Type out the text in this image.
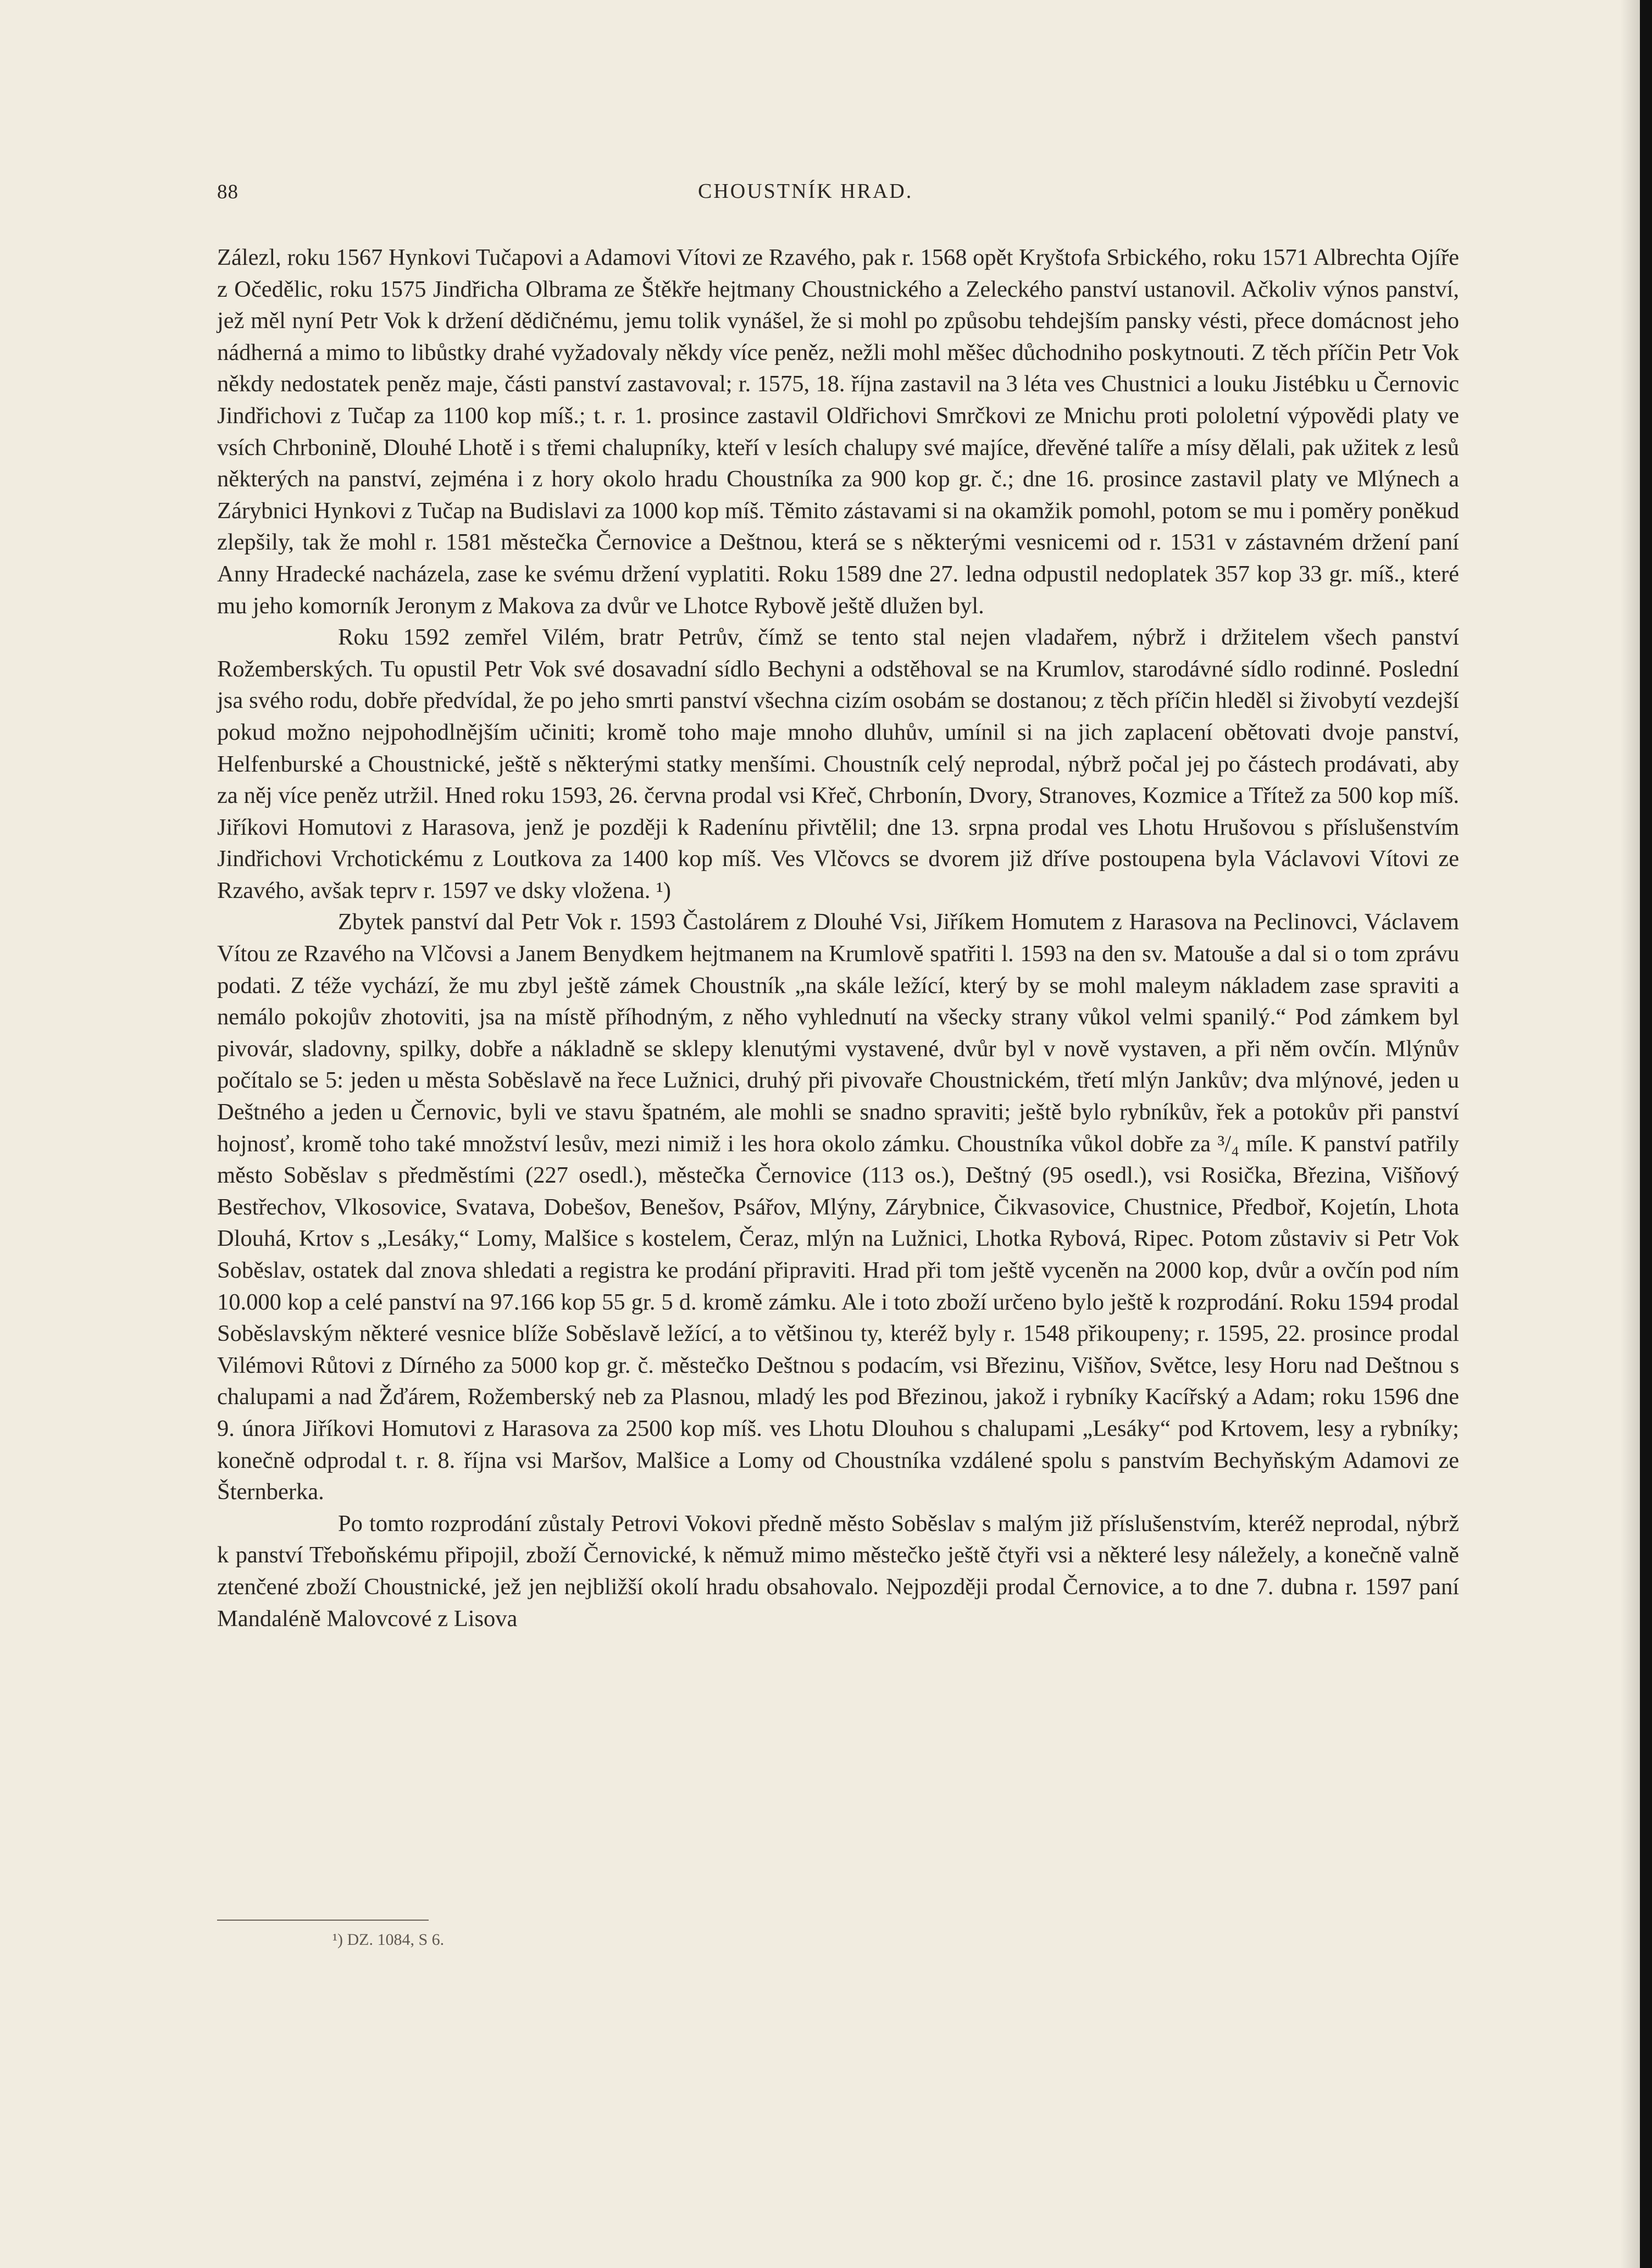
88	CHOUSTNÍK HRAD.

Zálezl, roku 1567 Hynkovi Tučapovi a Adamovi Vítovi ze Rzavého, pak r. 1568 opět Kryštofa Srbického, roku 1571 Albrechta Ojíře z Očedělic, roku 1575 Jindřicha Olbrama ze Štěkře hejtmany Choustnického a Zeleckého panství ustanovil. Ačkoliv výnos panství, jež měl nyní Petr Vok k držení dědičnému, jemu tolik vynášel, že si mohl po způsobu tehdejším pansky vésti, přece domácnost jeho nádherná a mimo to libůstky drahé vyžadovaly někdy více peněz, nežli mohl měšec důchodniho poskytnouti. Z těch příčin Petr Vok někdy nedostatek peněz maje, části panství zastavoval; r. 1575, 18. října zastavil na 3 léta ves Chustnici a louku Jistébku u Černovic Jindřichovi z Tučap za 1100 kop míš.; t. r. 1. prosince zastavil Oldřichovi Smrčkovi ze Mnichu proti pololetní výpovědi platy ve vsích Chrbonině, Dlouhé Lhotě i s třemi chalupníky, kteří v lesích chalupy své majíce, dřevěné talíře a mísy dělali, pak užitek z lesů některých na panství, zejména i z hory okolo hradu Choustníka za 900 kop gr. č.; dne 16. prosince zastavil platy ve Mlýnech a Zárybnici Hynkovi z Tučap na Budislavi za 1000 kop míš. Těmito zástavami si na okamžik pomohl, potom se mu i poměry poněkud zlepšily, tak že mohl r. 1581 městečka Černovice a Deštnou, která se s některými vesnicemi od r. 1531 v zástavném držení paní Anny Hradecké nacházela, zase ke svému držení vyplatiti. Roku 1589 dne 27. ledna odpustil nedoplatek 357 kop 33 gr. míš., které mu jeho komorník Jeronym z Makova za dvůr ve Lhotce Rybově ještě dlužen byl.

Roku 1592 zemřel Vilém, bratr Petrův, čímž se tento stal nejen vladařem, nýbrž i držitelem všech panství Rožemberských. Tu opustil Petr Vok své dosavadní sídlo Bechyni a odstěhoval se na Krumlov, starodávné sídlo rodinné. Poslední jsa svého rodu, dobře předvídal, že po jeho smrti panství všechna cizím osobám se dostanou; z těch příčin hleděl si živobytí vezdejší pokud možno nejpohodlnějším učiniti; kromě toho maje mnoho dluhův, umínil si na jich zaplacení obětovati dvoje panství, Helfenburské a Choustnické, ještě s některými statky menšími. Choustník celý neprodal, nýbrž počal jej po částech prodávati, aby za něj více peněz utržil. Hned roku 1593, 26. června prodal vsi Křeč, Chrbonín, Dvory, Stranoves, Kozmice a Třítež za 500 kop míš. Jiříkovi Homutovi z Harasova, jenž je později k Radenínu přivtělil; dne 13. srpna prodal ves Lhotu Hrušovou s příslušenstvím Jindřichovi Vrchotickému z Loutkova za 1400 kop míš. Ves Vlčovcs se dvorem již dříve postoupena byla Václavovi Vítovi ze Rzavého, avšak teprv r. 1597 ve dsky vložena. ¹)

Zbytek panství dal Petr Vok r. 1593 Častolárem z Dlouhé Vsi, Jiříkem Homutem z Harasova na Peclinovci, Václavem Vítou ze Rzavého na Vlčovsi a Janem Benydkem hejtmanem na Krumlově spatřiti l. 1593 na den sv. Matouše a dal si o tom zprávu podati. Z téže vychází, že mu zbyl ještě zámek Choustník „na skále ležící, který by se mohl maleym nákladem zase spraviti a nemálo pokojův zhotoviti, jsa na místě příhodným, z něho vyhlednutí na všecky strany vůkol velmi spanilý.“ Pod zámkem byl pivovár, sladovny, spilky, dobře a nákladně se sklepy klenutými vystavené, dvůr byl v nově vystaven, a při něm ovčín. Mlýnův počítalo se 5: jeden u města Soběslavě na řece Lužnici, druhý při pivovaře Choustnickém, třetí mlýn Jankův; dva mlýnové, jeden u Deštného a jeden u Černovic, byli ve stavu špatném, ale mohli se snadno spraviti; ještě bylo rybníkův, řek a potokův při panství hojnosť, kromě toho také množství lesův, mezi nimiž i les hora okolo zámku. Choustníka vůkol dobře za ³/₄ míle. K panství patřily město Soběslav s předměstími (227 osedl.), městečka Černovice (113 os.), Deštný (95 osedl.), vsi Rosička, Březina, Višňový Bestřechov, Vlkosovice, Svatava, Dobešov, Benešov, Psářov, Mlýny, Zárybnice, Čikvasovice, Chustnice, Předboř, Kojetín, Lhota Dlouhá, Krtov s „Lesáky,“ Lomy, Malšice s kostelem, Čeraz, mlýn na Lužnici, Lhotka Rybová, Ripec. Potom zůstaviv si Petr Vok Soběslav, ostatek dal znova shledati a registra ke prodání připraviti. Hrad při tom ještě vyceněn na 2000 kop, dvůr a ovčín pod ním 10.000 kop a celé panství na 97.166 kop 55 gr. 5 d. kromě zámku. Ale i toto zboží určeno bylo ještě k rozprodání. Roku 1594 prodal Soběslavským některé vesnice blíže Soběslavě ležící, a to většinou ty, kteréž byly r. 1548 přikoupeny; r. 1595, 22. prosince prodal Vilémovi Růtovi z Dírného za 5000 kop gr. č. městečko Deštnou s podacím, vsi Březinu, Višňov, Světce, lesy Horu nad Deštnou s chalupami a nad Žďárem, Rožemberský neb za Plasnou, mladý les pod Březinou, jakož i rybníky Kacířský a Adam; roku 1596 dne 9. února Jiříkovi Homutovi z Harasova za 2500 kop míš. ves Lhotu Dlouhou s chalupami „Lesáky“ pod Krtovem, lesy a rybníky; konečně odprodal t. r. 8. října vsi Maršov, Malšice a Lomy od Choustníka vzdálené spolu s panstvím Bechyňským Adamovi ze Šternberka.

Po tomto rozprodání zůstaly Petrovi Vokovi předně město Soběslav s malým již příslušenstvím, kteréž neprodal, nýbrž k panství Třeboňskému připojil, zboží Černovické, k němuž mimo městečko ještě čtyři vsi a některé lesy náležely, a konečně valně ztenčené zboží Choustnické, jež jen nejbližší okolí hradu obsahovalo. Nejpozději prodal Černovice, a to dne 7. dubna r. 1597 paní Mandaléně Malovcové z Lisova

¹) DZ. 1084, S 6.
